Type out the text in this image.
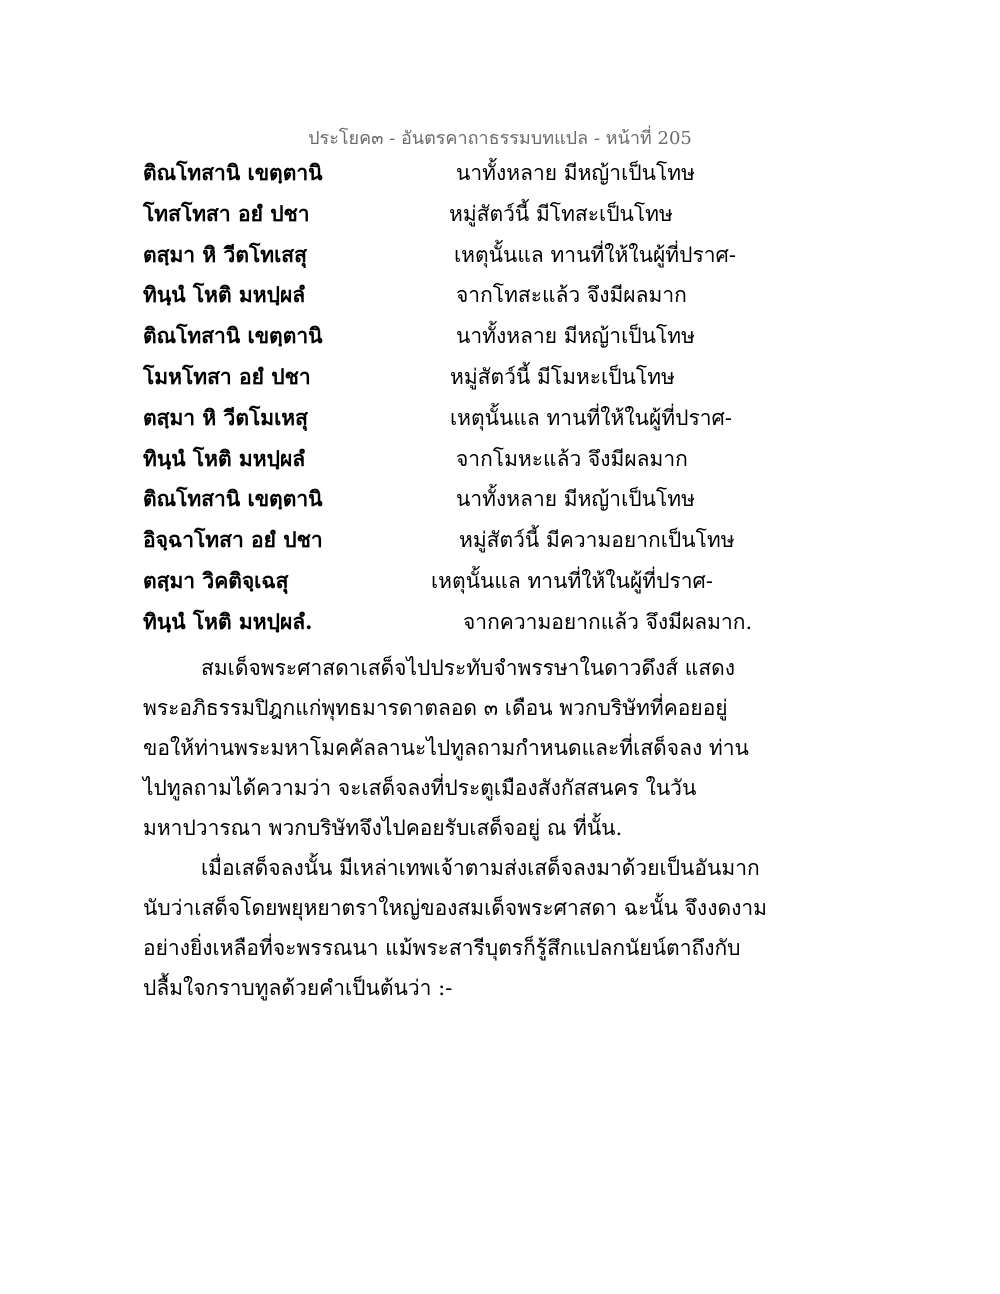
ประโยค๓ - อันตรคาถาธรรมบทแปล - หน้าที่ 205
ติณโทสานิ เขตฺตานิ	นาทั้งหลาย มีหญ้าเป็นโทษ
โทสโทสา อยํ ปชา	หมู่สัตว์นี้ มีโทสะเป็นโทษ
ตสฺมา หิ วีตโทเสสุ	เหตุนั้นแล ทานที่ให้ในผู้ที่ปราศ-
ทินฺนํ โหติ มหปฺผลํ	จากโทสะแล้ว จึงมีผลมาก
ติณโทสานิ เขตฺตานิ	นาทั้งหลาย มีหญ้าเป็นโทษ
โมหโทสา อยํ ปชา	หมู่สัตว์นี้ มีโมหะเป็นโทษ
ตสฺมา หิ วีตโมเหสุ	เหตุนั้นแล ทานที่ให้ในผู้ที่ปราศ-
ทินฺนํ โหติ มหปฺผลํ	จากโมหะแล้ว จึงมีผลมาก
ติณโทสานิ เขตฺตานิ	นาทั้งหลาย มีหญ้าเป็นโทษ
อิจฺฉาโทสา อยํ ปชา	หมู่สัตว์นี้ มีความอยากเป็นโทษ
ตสฺมา วิคติจฺเฉสุ	เหตุนั้นแล ทานที่ให้ในผู้ที่ปราศ-
ทินฺนํ โหติ มหปฺผลํ.	จากความอยากแล้ว จึงมีผลมาก.
สมเด็จพระศาสดาเสด็จไปประทับจำพรรษาในดาวดึงส์ แสดง
พระอภิธรรมปิฎกแก่พุทธมารดาตลอด ๓ เดือน พวกบริษัทที่คอยอยู่
ขอให้ท่านพระมหาโมคคัลลานะไปทูลถามกำหนดและที่เสด็จลง ท่าน
ไปทูลถามได้ความว่า จะเสด็จลงที่ประตูเมืองสังกัสสนคร ในวัน
มหาปวารณา พวกบริษัทจึงไปคอยรับเสด็จอยู่ ณ ที่นั้น.
เมื่อเสด็จลงนั้น มีเหล่าเทพเจ้าตามส่งเสด็จลงมาด้วยเป็นอันมาก
นับว่าเสด็จโดยพยุหยาตราใหญ่ของสมเด็จพระศาสดา ฉะนั้น จึงงดงาม
อย่างยิ่งเหลือที่จะพรรณนา แม้พระสารีบุตรก็รู้สึกแปลกนัยน์ตาถึงกับ
ปลื้มใจกราบทูลด้วยคำเป็นต้นว่า :-
